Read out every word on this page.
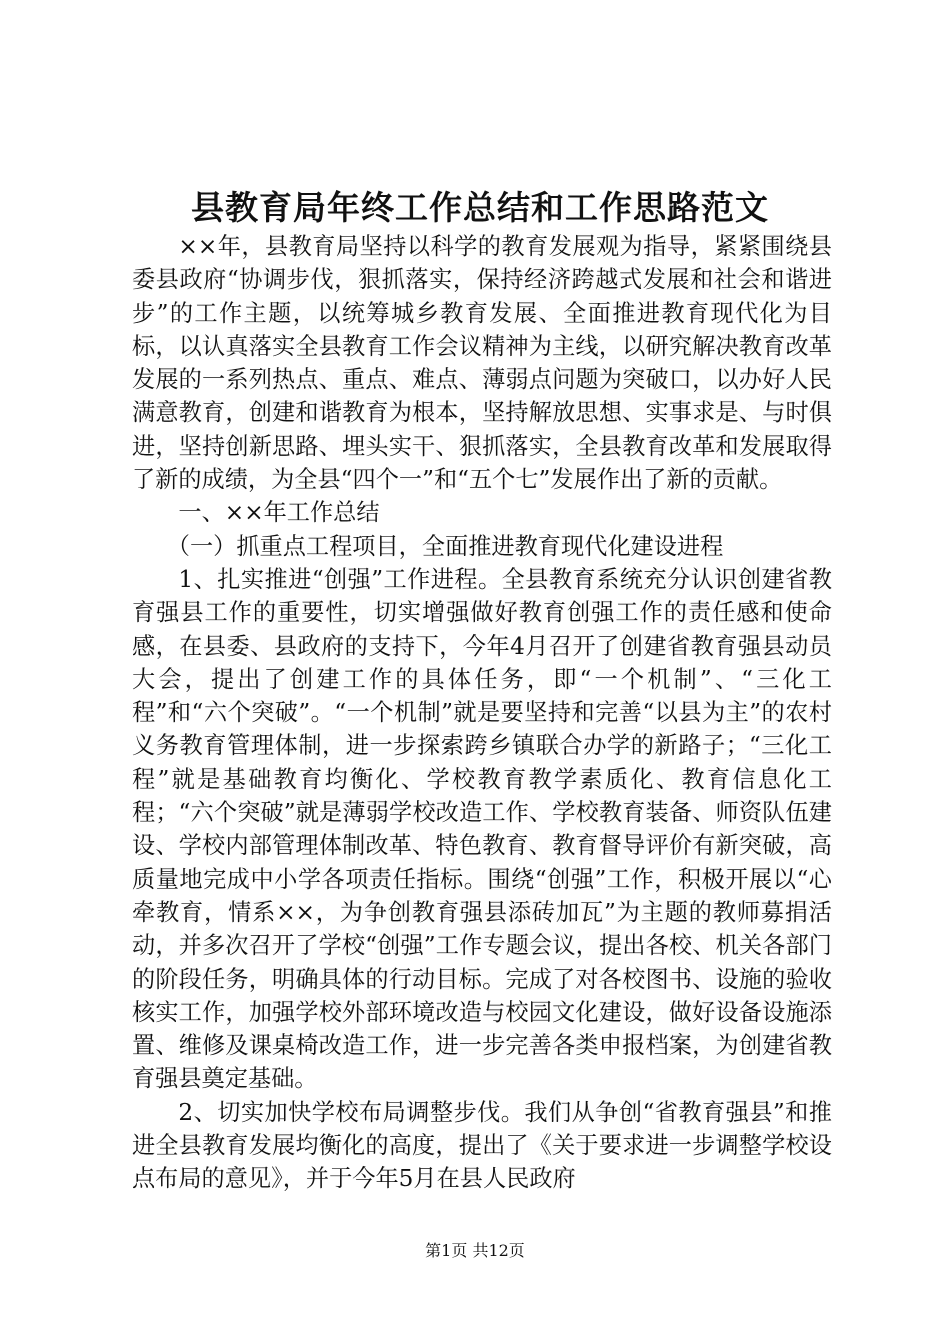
县教育局年终工作总结和工作思路范文

××年，县教育局坚持以科学的教育发展观为指导，紧紧围绕县委县政府“协调步伐，狠抓落实，保持经济跨越式发展和社会和谐进步”的工作主题，以统筹城乡教育发展、全面推进教育现代化为目标，以认真落实全县教育工作会议精神为主线，以研究解决教育改革发展的一系列热点、重点、难点、薄弱点问题为突破口，以办好人民满意教育，创建和谐教育为根本，坚持解放思想、实事求是、与时俱进，坚持创新思路、埋头实干、狠抓落实，全县教育改革和发展取得了新的成绩，为全县“四个一”和“五个七”发展作出了新的贡献。

一、××年工作总结

（一）抓重点工程项目，全面推进教育现代化建设进程

1、扎实推进“创强”工作进程。全县教育系统充分认识创建省教育强县工作的重要性，切实增强做好教育创强工作的责任感和使命感，在县委、县政府的支持下，今年4月召开了创建省教育强县动员大会，提出了创建工作的具体任务，即“一个机制”、“三化工程”和“六个突破”。“一个机制”就是要坚持和完善“以县为主”的农村义务教育管理体制，进一步探索跨乡镇联合办学的新路子；“三化工程”就是基础教育均衡化、学校教育教学素质化、教育信息化工程；“六个突破”就是薄弱学校改造工作、学校教育装备、师资队伍建设、学校内部管理体制改革、特色教育、教育督导评价有新突破，高质量地完成中小学各项责任指标。围绕“创强”工作，积极开展以“心牵教育，情系××，为争创教育强县添砖加瓦”为主题的教师募捐活动，并多次召开了学校“创强”工作专题会议，提出各校、机关各部门的阶段任务，明确具体的行动目标。完成了对各校图书、设施的验收核实工作，加强学校外部环境改造与校园文化建设，做好设备设施添置、维修及课桌椅改造工作，进一步完善各类申报档案，为创建省教育强县奠定基础。

2、切实加快学校布局调整步伐。我们从争创“省教育强县”和推进全县教育发展均衡化的高度，提出了《关于要求进一步调整学校设点布局的意见》，并于今年5月在县人民政府

第1页 共12页
